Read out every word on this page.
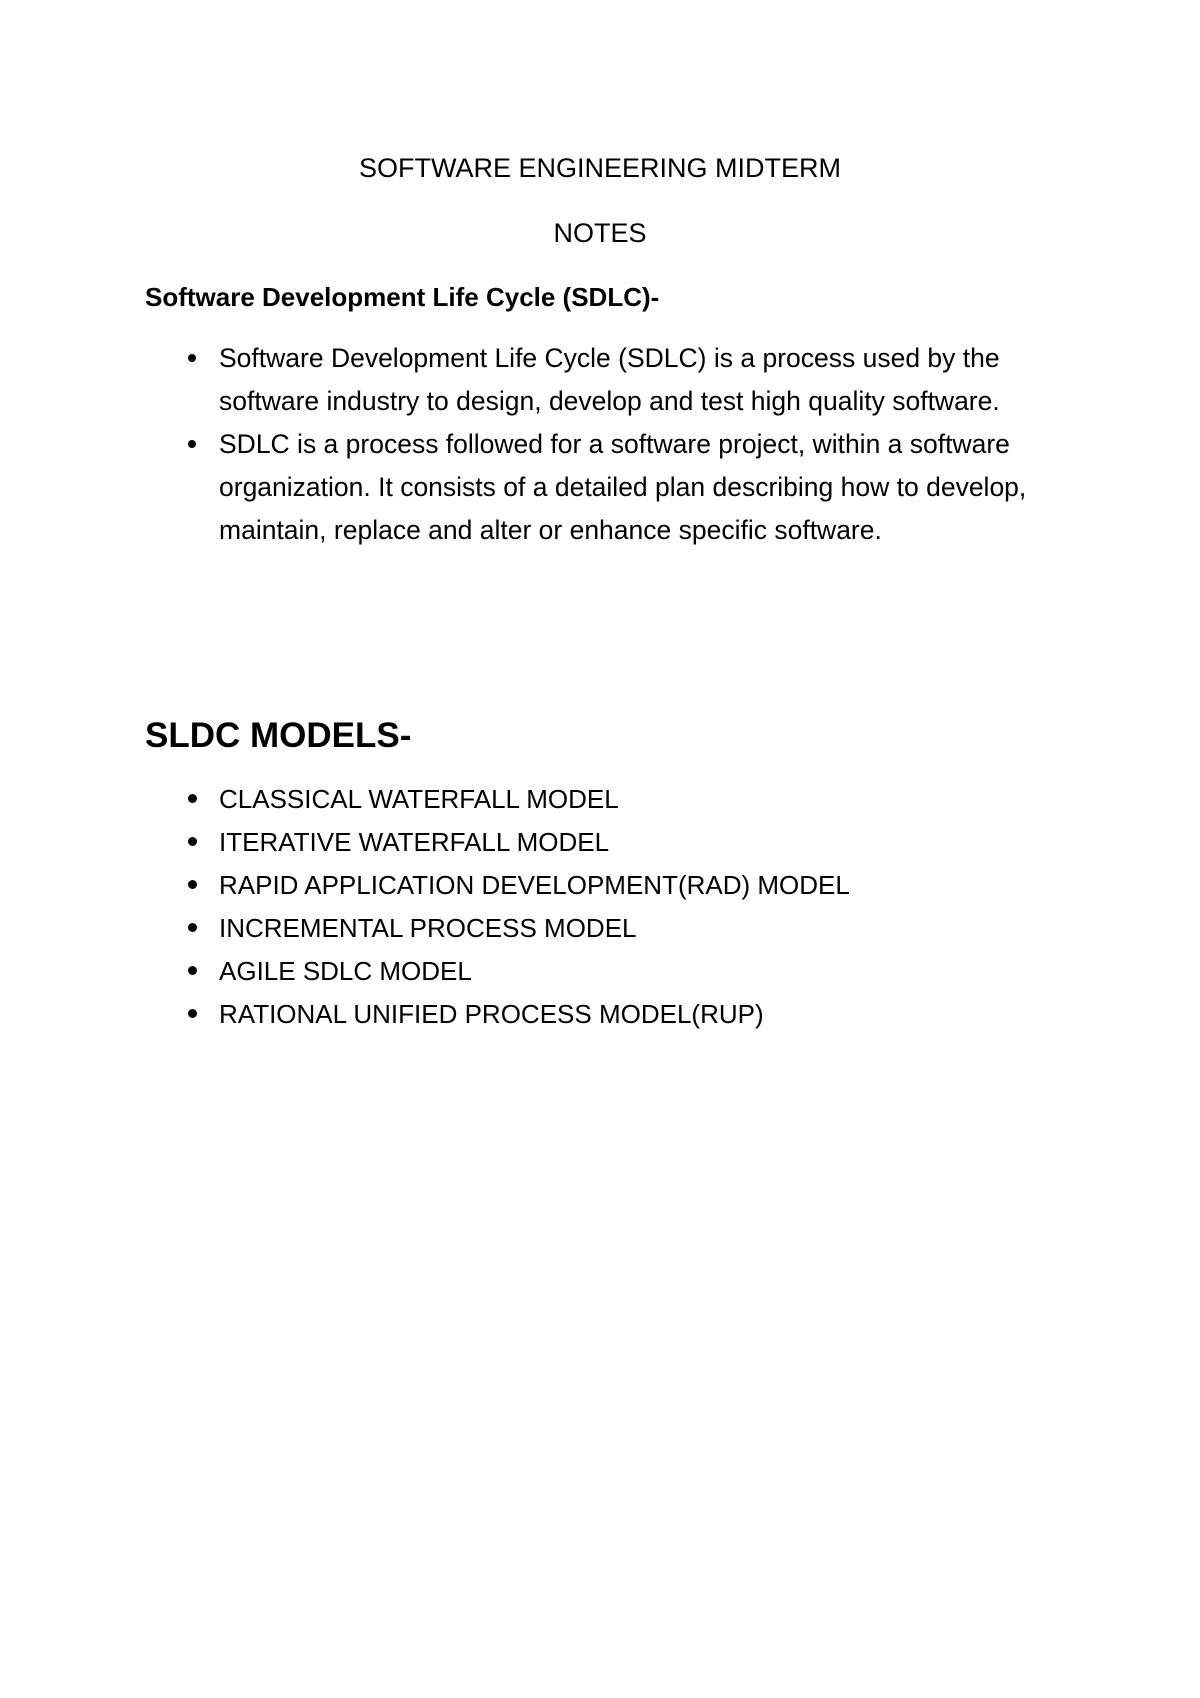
SOFTWARE ENGINEERING MIDTERM
NOTES
Software Development Life Cycle (SDLC)-
Software Development Life Cycle (SDLC) is a process used by the software industry to design, develop and test high quality software.
SDLC is a process followed for a software project, within a software organization. It consists of a detailed plan describing how to develop, maintain, replace and alter or enhance specific software.
SLDC MODELS-
CLASSICAL WATERFALL MODEL
ITERATIVE WATERFALL MODEL
RAPID APPLICATION DEVELOPMENT(RAD) MODEL
INCREMENTAL PROCESS MODEL
AGILE SDLC MODEL
RATIONAL UNIFIED PROCESS MODEL(RUP)
